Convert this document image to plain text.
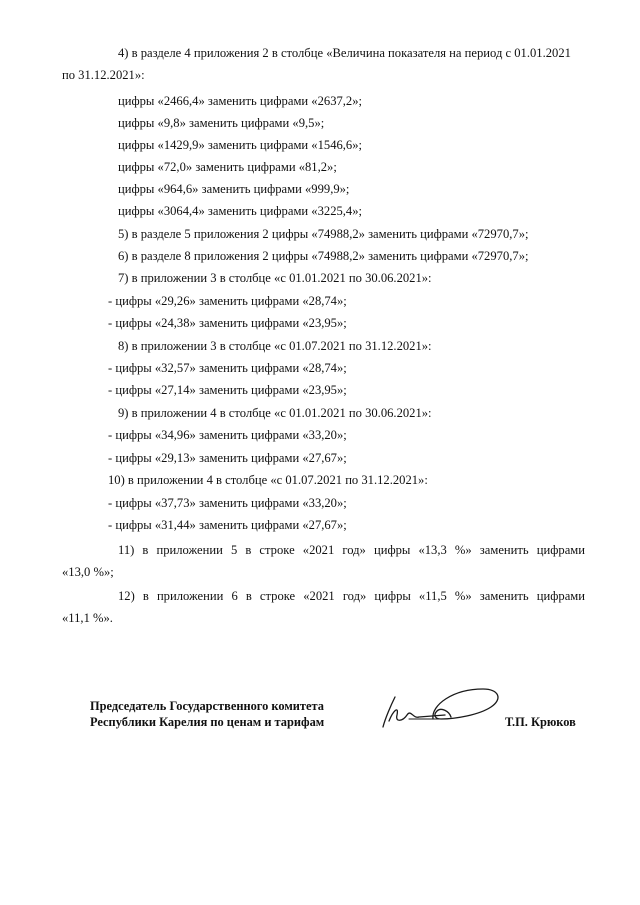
4) в разделе 4 приложения 2 в столбце «Величина показателя на период с 01.01.2021
по 31.12.2021»:
цифры «2466,4» заменить цифрами «2637,2»;
цифры «9,8» заменить цифрами «9,5»;
цифры «1429,9» заменить цифрами «1546,6»;
цифры «72,0» заменить цифрами «81,2»;
цифры «964,6» заменить цифрами «999,9»;
цифры «3064,4» заменить цифрами «3225,4»;
5) в разделе 5 приложения 2 цифры «74988,2» заменить цифрами «72970,7»;
6) в разделе 8 приложения 2 цифры «74988,2» заменить цифрами «72970,7»;
7) в приложении 3 в столбце «с 01.01.2021 по 30.06.2021»:
- цифры «29,26» заменить цифрами «28,74»;
- цифры «24,38» заменить цифрами «23,95»;
8) в приложении 3 в столбце «с 01.07.2021 по 31.12.2021»:
- цифры «32,57» заменить цифрами «28,74»;
- цифры «27,14» заменить цифрами «23,95»;
9) в приложении 4 в столбце «с 01.01.2021 по 30.06.2021»:
- цифры «34,96» заменить цифрами «33,20»;
- цифры «29,13» заменить цифрами «27,67»;
10) в приложении 4 в столбце «с 01.07.2021 по 31.12.2021»:
- цифры «37,73» заменить цифрами «33,20»;
- цифры «31,44» заменить цифрами «27,67»;
11) в приложении 5 в строке «2021 год» цифры «13,3 %» заменить цифрами
«13,0 %»;
12) в приложении 6 в строке «2021 год» цифры «11,5 %» заменить цифрами
«11,1 %».
Председатель Государственного комитета
Республики Карелия по ценам и тарифам	Т.П. Крюков
